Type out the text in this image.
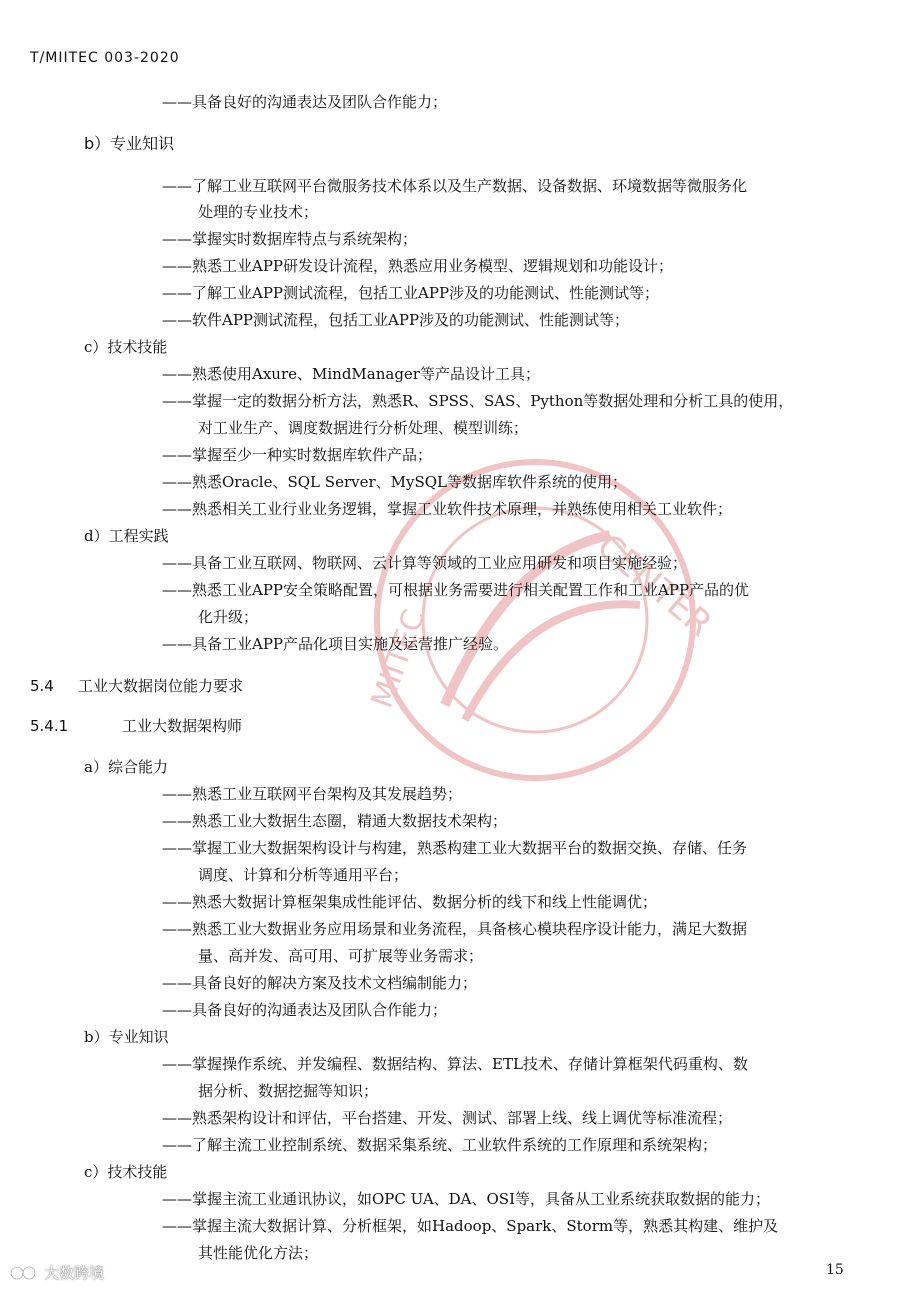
CENTER
MIITEC
T/MIITEC 003-2020
——具备良好的沟通表达及团队合作能力；
b）专业知识
——了解工业互联网平台微服务技术体系以及生产数据、设备数据、环境数据等微服务化
处理的专业技术；
——掌握实时数据库特点与系统架构；
——熟悉工业APP研发设计流程，熟悉应用业务模型、逻辑规划和功能设计；
——了解工业APP测试流程，包括工业APP涉及的功能测试、性能测试等；
——软件APP测试流程，包括工业APP涉及的功能测试、性能测试等；
c）技术技能
——熟悉使用Axure、MindManager等产品设计工具；
——掌握一定的数据分析方法，熟悉R、SPSS、SAS、Python等数据处理和分析工具的使用，
对工业生产、调度数据进行分析处理、模型训练；
——掌握至少一种实时数据库软件产品；
——熟悉Oracle、SQL Server、MySQL等数据库软件系统的使用；
——熟悉相关工业行业业务逻辑，掌握工业软件技术原理，并熟练使用相关工业软件；
d）工程实践
——具备工业互联网、物联网、云计算等领域的工业应用研发和项目实施经验；
——熟悉工业APP安全策略配置，可根据业务需要进行相关配置工作和工业APP产品的优
化升级；
——具备工业APP产品化项目实施及运营推广经验。
5.4 工业大数据岗位能力要求
5.4.1	工业大数据架构师
a）综合能力
——熟悉工业互联网平台架构及其发展趋势；
——熟悉工业大数据生态圈，精通大数据技术架构；
——掌握工业大数据架构设计与构建，熟悉构建工业大数据平台的数据交换、存储、任务
调度、计算和分析等通用平台；
——熟悉大数据计算框架集成性能评估、数据分析的线下和线上性能调优；
——熟悉工业大数据业务应用场景和业务流程，具备核心模块程序设计能力，满足大数据
量、高并发、高可用、可扩展等业务需求；
——具备良好的解决方案及技术文档编制能力；
——具备良好的沟通表达及团队合作能力；
b）专业知识
——掌握操作系统、并发编程、数据结构、算法、ETL技术、存储计算框架代码重构、数
据分析、数据挖掘等知识；
——熟悉架构设计和评估，平台搭建、开发、测试、部署上线、线上调优等标准流程；
——了解主流工业控制系统、数据采集系统、工业软件系统的工作原理和系统架构；
c）技术技能
——掌握主流工业通讯协议，如OPC UA、DA、OSI等，具备从工业系统获取数据的能力；
——掌握主流大数据计算、分析框架，如Hadoop、Spark、Storm等，熟悉其构建、维护及
其性能优化方法；
大数跨境	15
